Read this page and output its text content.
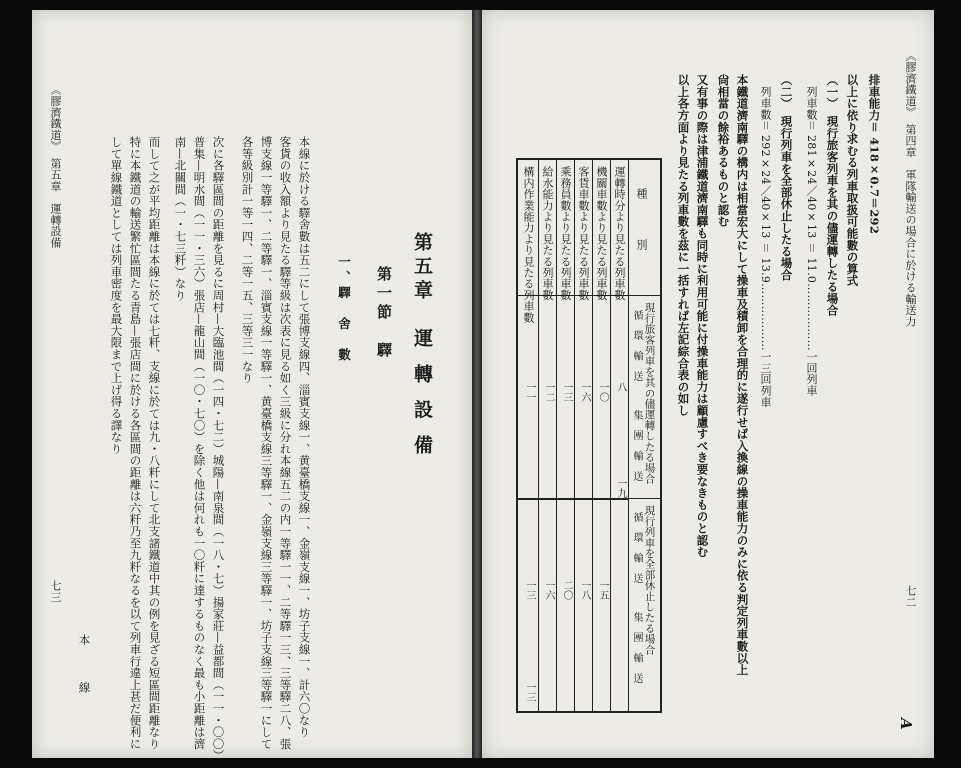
第五章　運 轉 設 備
第一節　驛
一、驛　舍　數
本線に於ける驛舍數は五二にして張博支線四、淄賓支線一、黄臺橋支線一、金嶺支線一、坊子支線一、計六〇なり
客貨の收入額より見たる驛等級は次表に見る如く三級に分れ本線五二の内一等驛一一、二等驛一三、三等驛二八、張
博支線一等驛一、二等驛一、淄賓支線一等驛一、黄臺橋支線三等驛一、金嶺支線三等驛一、坊子支線三等驛一にして
各等級別計一等一四、二等一五、三等三一なり
次に各驛區間の距離を見るに周村—大臨池間（一四・七二）城陽—南泉間（一八・七）揚家莊—益都間（一一・〇〇）
普集—明水間（一一・三六）張店—龍山間（一〇・七〇）を除く他は何れも一〇粁に達するものなく最も小距離は濟
南—北關間（一・七三粁）なり
而して之が平均距離は本線に於ては七粁、支線に於ては九・八粁にして北支諸鐵道中其の例を見ざる短區間距離なり
特に本鐵道の輸送繁忙區間たる青島—張店間に於ける各區間の距離は六粁乃至九粁なるを以て列車行違上甚だ便利に
して單線鐵道としては列車密度を最大限まで上げ得る譯なり
本　　　線
《膠濟鐵道》　第五章　運轉設備
七三
《膠濟鐵道》　第四章　軍隊輸送の場合に於ける輸送力
七二
A
排車能力＝ 418×0.7＝292
以上に依り求むる列車取扱可能數の算式
（一）　現行旅客列車を其の儘運轉したる場合
列車數＝ 281×24／40×13 ＝ 11.0………………一回列車
（二）　現行列車を全部休止したる場合
列車數＝ 292×24／40×13 ＝ 13.9………………一三回列車
本鐵道濟南驛の構内は相當宏大にして操車及積卸を合理的に遂行せば入換線の操車能力のみに依る判定列車數以上
尙相當の餘裕あるものと認む
又有事の際は津浦鐵道濟南驛も同時に利用可能に付操車能力は顧慮すべき要なきものと認む
以上各方面より見たる列車數を茲に一括すれば左記綜合表の如し
種　　別
現行旅客列車を其の儘運轉したる場合
現行列車を全部休止したる場合
循　環　輸　送
集　團　輸　送
循　環　輸　送
集　團　輸　送
運轉時分より見たる列車數
機關車數より見たる列車數
客貨車數より見たる列車數
乘務員數より見たる列車數
給水能力より見たる列車數
構内作業能力より見たる列車數
八
一九
一〇
一五
一六
一八
一三
二〇
一二
一六
一一
一三
一三
